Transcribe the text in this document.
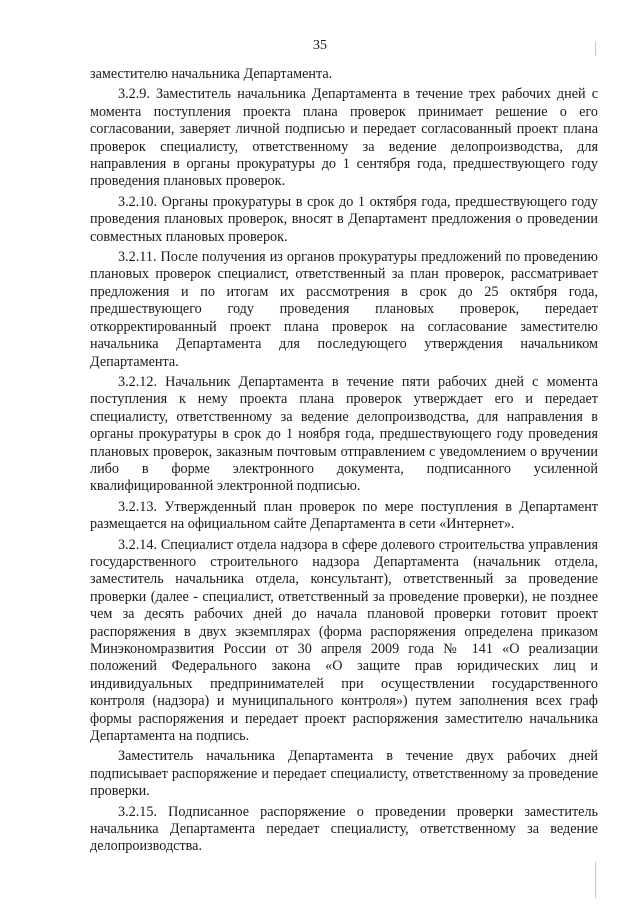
35

заместителю начальника Департамента.

3.2.9. Заместитель начальника Департамента в течение трех рабочих дней с момента поступления проекта плана проверок принимает решение о его согласовании, заверяет личной подписью и передает согласованный проект плана проверок специалисту, ответственному за ведение делопроизводства, для направления в органы прокуратуры до 1 сентября года, предшествующего году проведения плановых проверок.

3.2.10. Органы прокуратуры в срок до 1 октября года, предшествующего году проведения плановых проверок, вносят в Департамент предложения о проведении совместных плановых проверок.

3.2.11. После получения из органов прокуратуры предложений по проведению плановых проверок специалист, ответственный за план проверок, рассматривает предложения и по итогам их рассмотрения в срок до 25 октября года, предшествующего году проведения плановых проверок, передает откорректированный проект плана проверок на согласование заместителю начальника Департамента для последующего утверждения начальником Департамента.

3.2.12. Начальник Департамента в течение пяти рабочих дней с момента поступления к нему проекта плана проверок утверждает его и передает специалисту, ответственному за ведение делопроизводства, для направления в органы прокуратуры в срок до 1 ноября года, предшествующего году проведения плановых проверок, заказным почтовым отправлением с уведомлением о вручении либо в форме электронного документа, подписанного усиленной квалифицированной электронной подписью.

3.2.13. Утвержденный план проверок по мере поступления в Департамент размещается на официальном сайте Департамента в сети «Интернет».

3.2.14. Специалист отдела надзора в сфере долевого строительства управления государственного строительного надзора Департамента (начальник отдела, заместитель начальника отдела, консультант), ответственный за проведение проверки (далее - специалист, ответственный за проведение проверки), не позднее чем за десять рабочих дней до начала плановой проверки готовит проект распоряжения в двух экземплярах (форма распоряжения определена приказом Минэкономразвития России от 30 апреля 2009 года № 141 «О реализации положений Федерального закона «О защите прав юридических лиц и индивидуальных предпринимателей при осуществлении государственного контроля (надзора) и муниципального контроля») путем заполнения всех граф формы распоряжения и передает проект распоряжения заместителю начальника Департамента на подпись.

Заместитель начальника Департамента в течение двух рабочих дней подписывает распоряжение и передает специалисту, ответственному за проведение проверки.

3.2.15. Подписанное распоряжение о проведении проверки заместитель начальника Департамента передает специалисту, ответственному за ведение делопроизводства.
